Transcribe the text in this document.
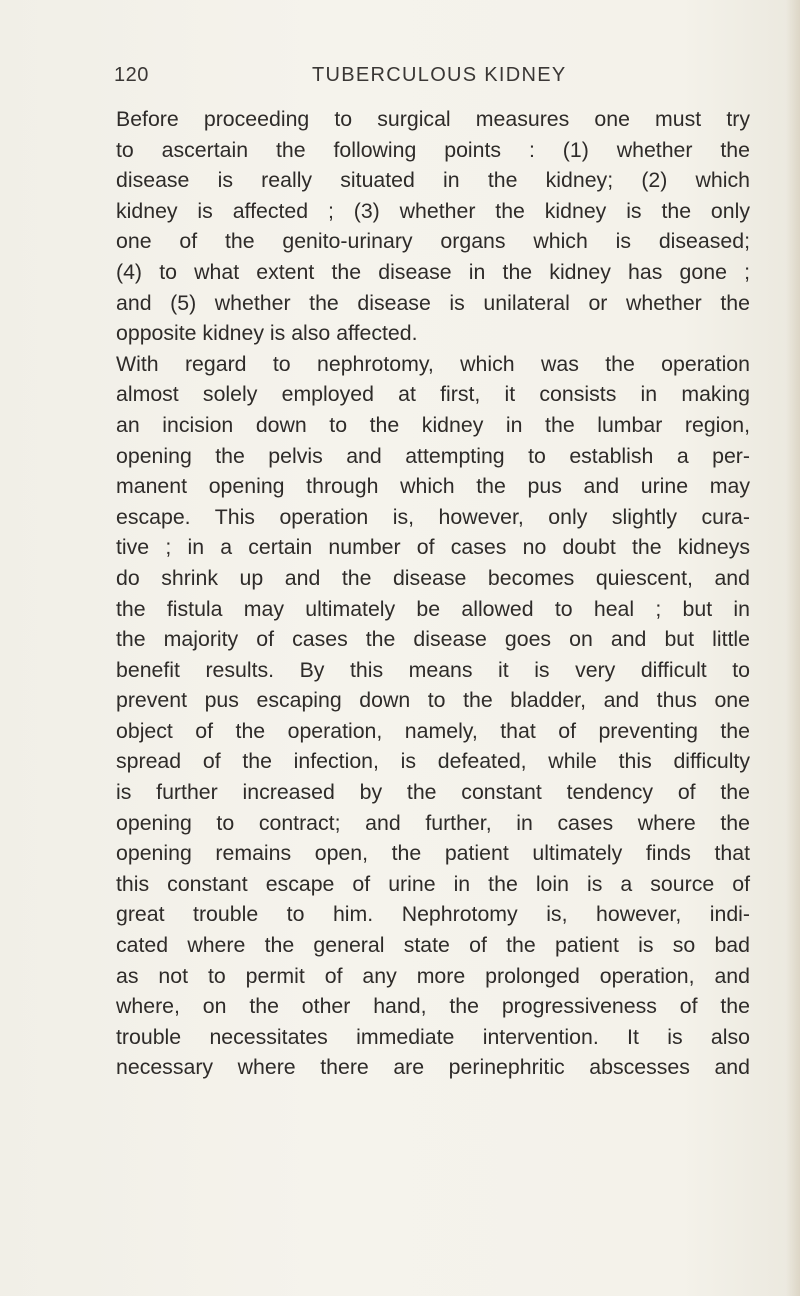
120	TUBERCULOUS KIDNEY
Before proceeding to surgical measures one must try
to ascertain the following points : (1) whether the
disease is really situated in the kidney; (2) which
kidney is affected ; (3) whether the kidney is the only
one of the genito-urinary organs which is diseased;
(4) to what extent the disease in the kidney has gone ;
and (5) whether the disease is unilateral or whether the
opposite kidney is also affected.
With regard to nephrotomy, which was the operation
almost solely employed at first, it consists in making
an incision down to the kidney in the lumbar region,
opening the pelvis and attempting to establish a per-
manent opening through which the pus and urine may
escape. This operation is, however, only slightly cura-
tive ; in a certain number of cases no doubt the kidneys
do shrink up and the disease becomes quiescent, and
the fistula may ultimately be allowed to heal ; but in
the majority of cases the disease goes on and but little
benefit results. By this means it is very difficult to
prevent pus escaping down to the bladder, and thus one
object of the operation, namely, that of preventing the
spread of the infection, is defeated, while this difficulty
is further increased by the constant tendency of the
opening to contract; and further, in cases where the
opening remains open, the patient ultimately finds that
this constant escape of urine in the loin is a source of
great trouble to him. Nephrotomy is, however, indi-
cated where the general state of the patient is so bad
as not to permit of any more prolonged operation, and
where, on the other hand, the progressiveness of the
trouble necessitates immediate intervention. It is also
necessary where there are perinephritic abscesses and
